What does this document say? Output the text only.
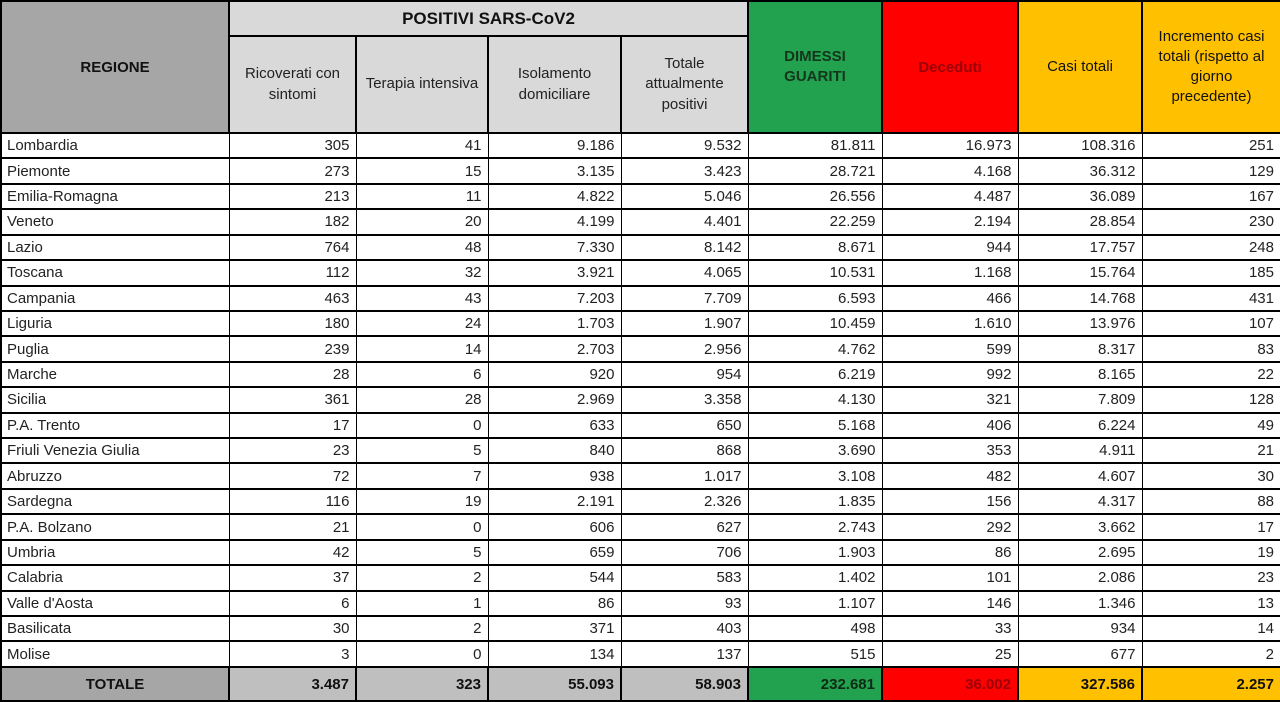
REGIONE	POSITIVI SARS-CoV2				DIMESSI GUARITI	Deceduti	Casi totali	Incremento casi totali (rispetto al giorno precedente)
	Ricoverati con sintomi	Terapia intensiva	Isolamento domiciliare	Totale attualmente positivi				
Lombardia	305	41	9.186	9.532	81.811	16.973	108.316	251
Piemonte	273	15	3.135	3.423	28.721	4.168	36.312	129
Emilia-Romagna	213	11	4.822	5.046	26.556	4.487	36.089	167
Veneto	182	20	4.199	4.401	22.259	2.194	28.854	230
Lazio	764	48	7.330	8.142	8.671	944	17.757	248
Toscana	112	32	3.921	4.065	10.531	1.168	15.764	185
Campania	463	43	7.203	7.709	6.593	466	14.768	431
Liguria	180	24	1.703	1.907	10.459	1.610	13.976	107
Puglia	239	14	2.703	2.956	4.762	599	8.317	83
Marche	28	6	920	954	6.219	992	8.165	22
Sicilia	361	28	2.969	3.358	4.130	321	7.809	128
P.A. Trento	17	0	633	650	5.168	406	6.224	49
Friuli Venezia Giulia	23	5	840	868	3.690	353	4.911	21
Abruzzo	72	7	938	1.017	3.108	482	4.607	30
Sardegna	116	19	2.191	2.326	1.835	156	4.317	88
P.A. Bolzano	21	0	606	627	2.743	292	3.662	17
Umbria	42	5	659	706	1.903	86	2.695	19
Calabria	37	2	544	583	1.402	101	2.086	23
Valle d'Aosta	6	1	86	93	1.107	146	1.346	13
Basilicata	30	2	371	403	498	33	934	14
Molise	3	0	134	137	515	25	677	2
TOTALE	3.487	323	55.093	58.903	232.681	36.002	327.586	2.257
